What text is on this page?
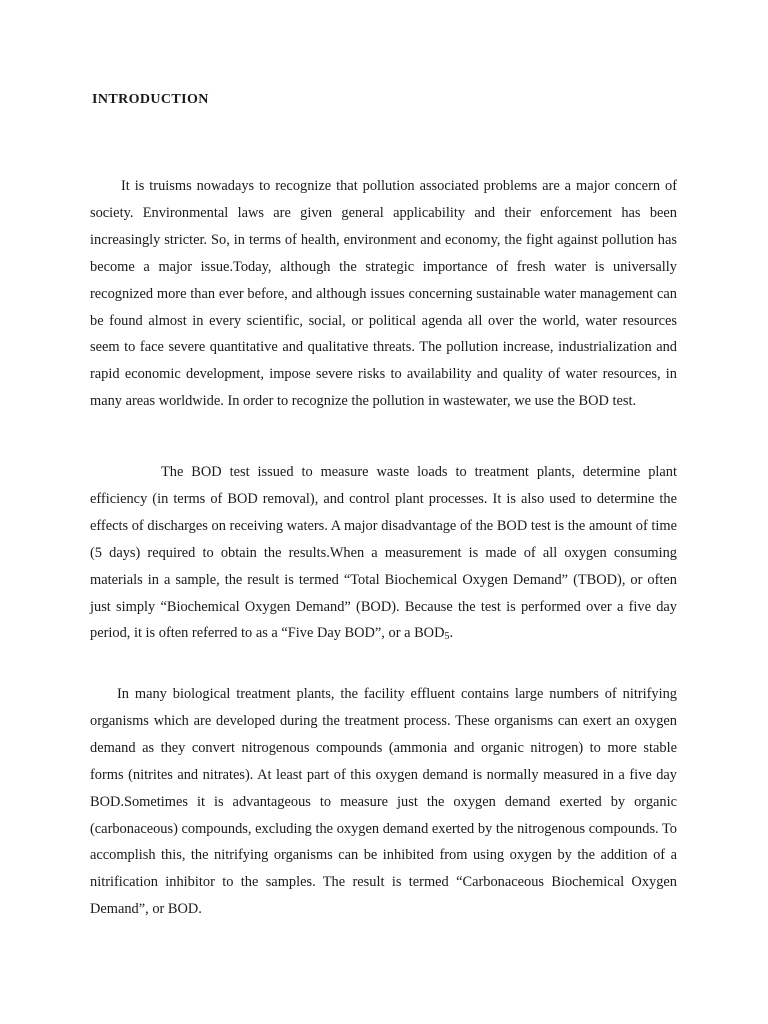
INTRODUCTION

It is truisms nowadays to recognize that pollution associated problems are a major concern of society. Environmental laws are given general applicability and their enforcement has been increasingly stricter. So, in terms of health, environment and economy, the fight against pollution has become a major issue.Today, although the strategic importance of fresh water is universally recognized more than ever before, and although issues concerning sustainable water management can be found almost in every scientific, social, or political agenda all over the world, water resources seem to face severe quantitative and qualitative threats. The pollution increase, industrialization and rapid economic development, impose severe risks to availability and quality of water resources, in many areas worldwide. In order to recognize the pollution in wastewater, we use the BOD test.

The BOD test issued to measure waste loads to treatment plants, determine plant efficiency (in terms of BOD removal), and control plant processes. It is also used to determine the effects of discharges on receiving waters. A major disadvantage of the BOD test is the amount of time (5 days) required to obtain the results.When a measurement is made of all oxygen consuming materials in a sample, the result is termed “Total Biochemical Oxygen Demand” (TBOD), or often just simply “Biochemical Oxygen Demand” (BOD). Because the test is performed over a five day period, it is often referred to as a “Five Day BOD”, or a $BOD_5$.

In many biological treatment plants, the facility effluent contains large numbers of nitrifying organisms which are developed during the treatment process. These organisms can exert an oxygen demand as they convert nitrogenous compounds (ammonia and organic nitrogen) to more stable forms (nitrites and nitrates). At least part of this oxygen demand is normally measured in a five day BOD.Sometimes it is advantageous to measure just the oxygen demand exerted by organic (carbonaceous) compounds, excluding the oxygen demand exerted by the nitrogenous compounds. To accomplish this, the nitrifying organisms can be inhibited from using oxygen by the addition of a nitrification inhibitor to the samples. The result is termed “Carbonaceous Biochemical Oxygen Demand”, or BOD.
